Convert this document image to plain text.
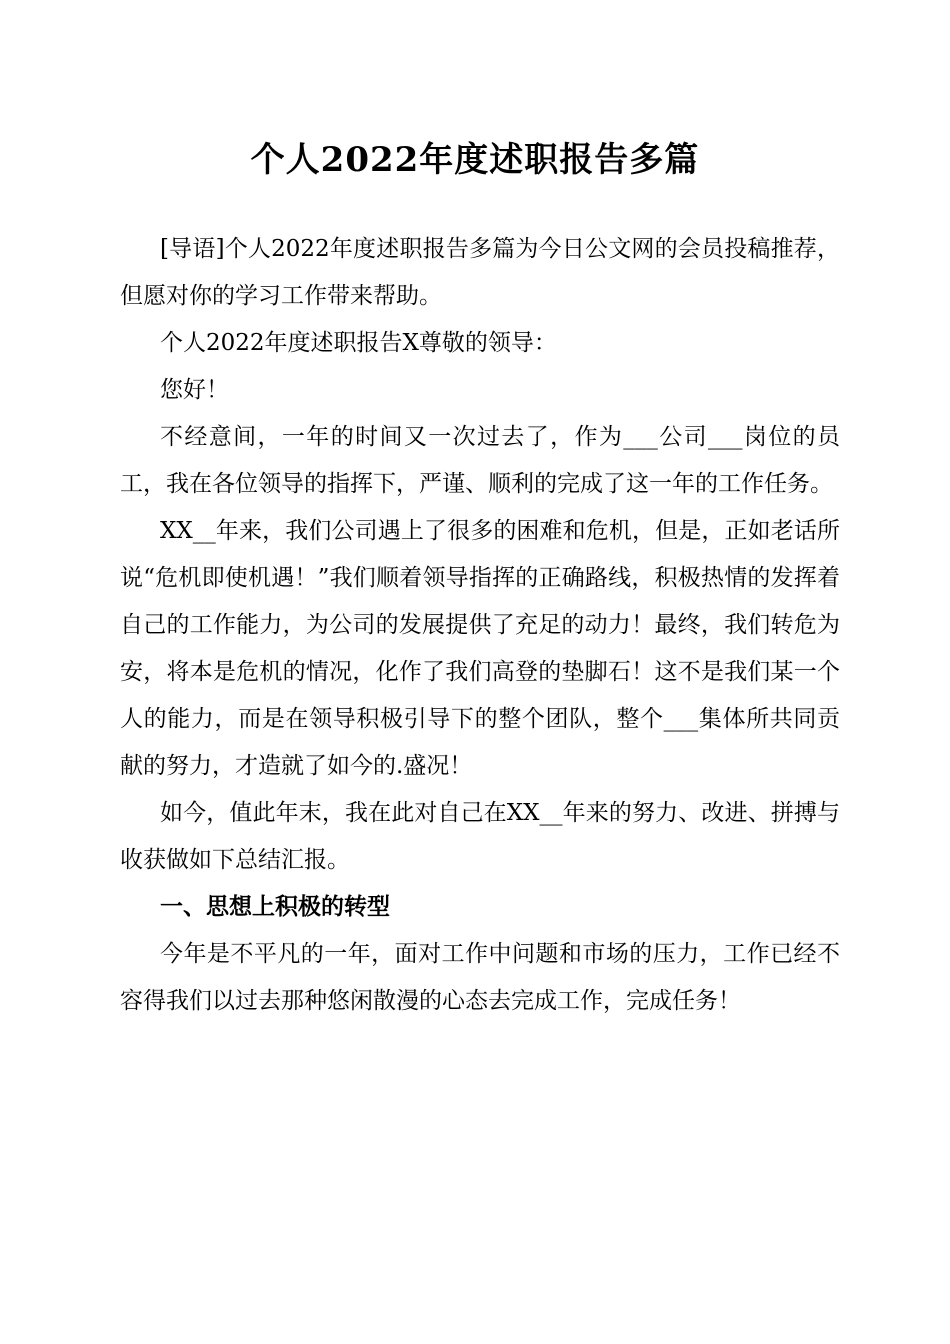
个人2022年度述职报告多篇

[导语]个人2022年度述职报告多篇为今日公文网的会员投稿推荐，但愿对你的学习工作带来帮助。

个人2022年度述职报告X尊敬的领导：

您好！

不经意间，一年的时间又一次过去了，作为___公司___岗位的员工，我在各位领导的指挥下，严谨、顺利的完成了这一年的工作任务。

XX__年来，我们公司遇上了很多的困难和危机，但是，正如老话所说“危机即使机遇！”我们顺着领导指挥的正确路线，积极热情的发挥着自己的工作能力，为公司的发展提供了充足的动力！最终，我们转危为安，将本是危机的情况，化作了我们高登的垫脚石！这不是我们某一个人的能力，而是在领导积极引导下的整个团队，整个___集体所共同贡献的努力，才造就了如今的.盛况！

如今，值此年末，我在此对自己在XX__年来的努力、改进、拼搏与收获做如下总结汇报。

一、思想上积极的转型

今年是不平凡的一年，面对工作中问题和市场的压力，工作已经不容得我们以过去那种悠闲散漫的心态去完成工作，完成任务！
